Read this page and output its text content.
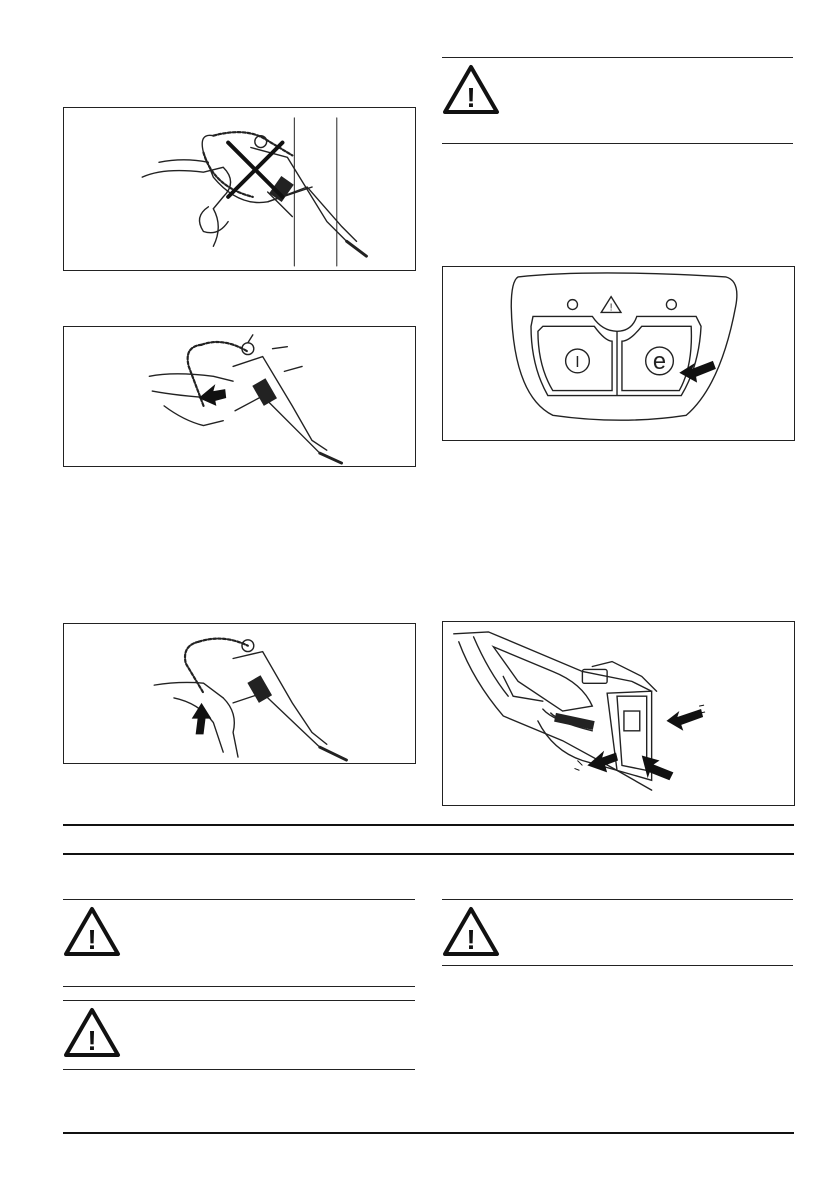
!
!
I	e
!
!
!
